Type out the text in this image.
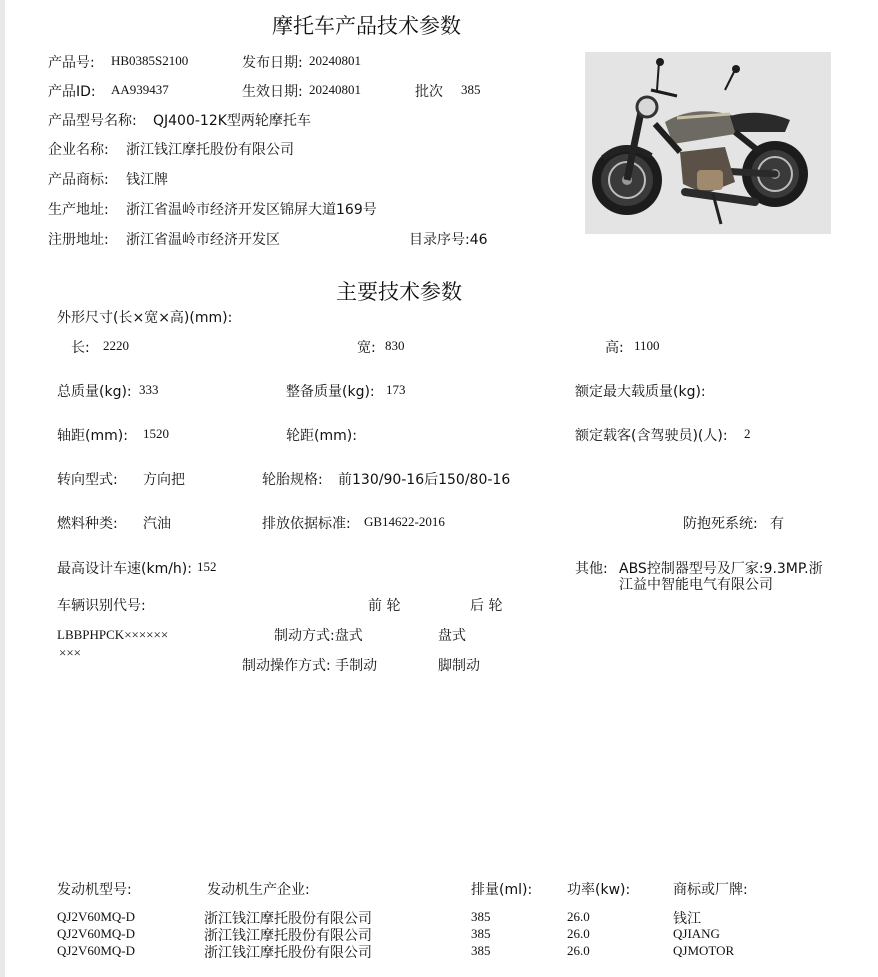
摩托车产品技术参数
产品号: HB0385S2100	发布日期: 20240801
产品ID: AA939437	生效日期: 20240801	批次 385
产品型号名称: QJ400-12K型两轮摩托车
企业名称: 浙江钱江摩托股份有限公司
产品商标: 钱江牌
生产地址: 浙江省温岭市经济开发区锦屏大道169号
注册地址: 浙江省温岭市经济开发区	目录序号:46
主要技术参数
外形尺寸(长×宽×高)(mm):
长: 2220	宽: 830	高: 1100
总质量(kg): 333	整备质量(kg): 173	额定最大载质量(kg):
轴距(mm): 1520	轮距(mm):	额定载客(含驾驶员)(人): 2
转向型式: 方向把	轮胎规格: 前130/90-16后150/80-16
燃料种类: 汽油	排放依据标准: GB14622-2016	防抱死系统: 有
最高设计车速(km/h): 152	其他: ABS控制器型号及厂家:9.3MP.浙
江益中智能电气有限公司
车辆识别代号:	前 轮	后 轮
LBBPHPCK××××××
×××
制动方式:盘式	盘式
制动操作方式: 手制动	脚制动
发动机型号:	发动机生产企业:	排量(ml): 功率(kw):	商标或厂牌:
QJ2V60MQ-D	浙江钱江摩托股份有限公司	385	26.0	钱江
QJ2V60MQ-D	浙江钱江摩托股份有限公司	385	26.0	QJIANG
QJ2V60MQ-D	浙江钱江摩托股份有限公司	385	26.0	QJMOTOR
